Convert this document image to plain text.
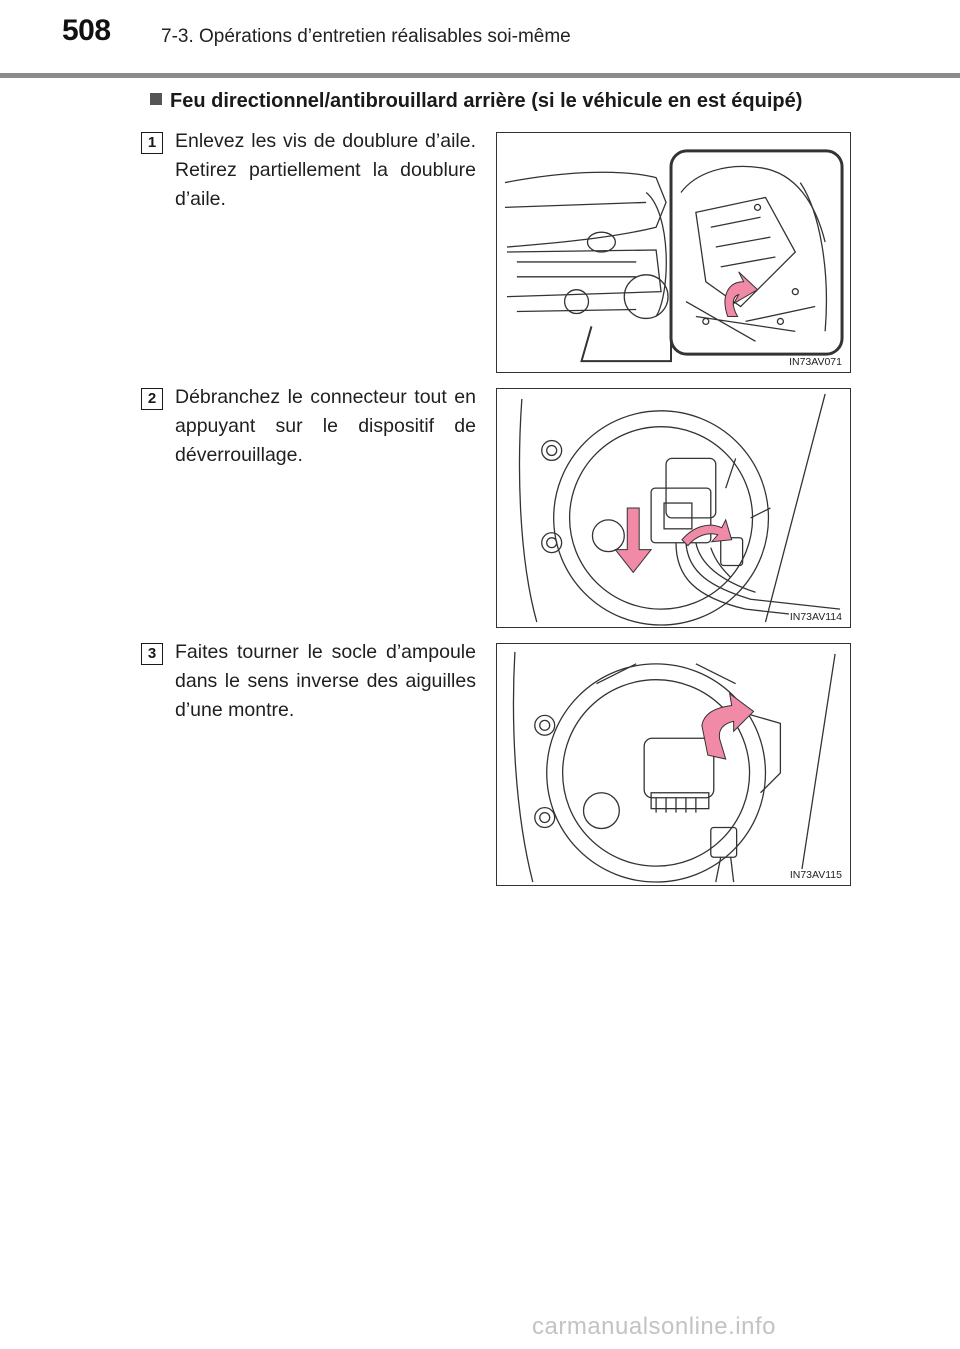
508	7-3. Opérations d’entretien réalisables soi-même
Feu directionnel/antibrouillard arrière (si le véhicule en est équipé)
1 Enlevez les vis de doublure d’aile. Retirez partiellement la doublure d’aile.
IN73AV071
2 Débranchez le connecteur tout en appuyant sur le dispositif de déverrouillage.
IN73AV114
3 Faites tourner le socle d’ampoule dans le sens inverse des aiguilles d’une montre.
IN73AV115
carmanualsonline.info
